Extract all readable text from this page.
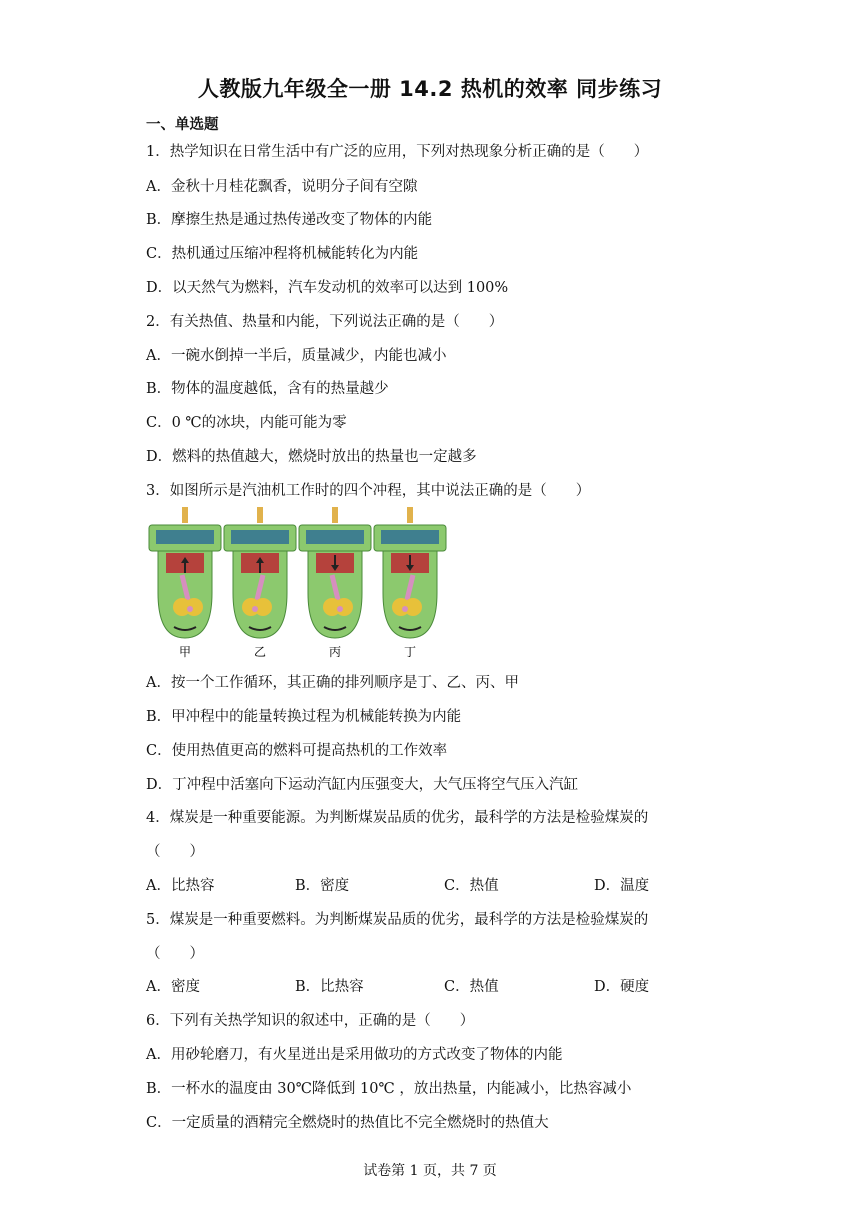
人教版九年级全一册 14.2 热机的效率 同步练习
一、单选题
1．热学知识在日常生活中有广泛的应用，下列对热现象分析正确的是（　　）
A．金秋十月桂花飘香，说明分子间有空隙
B．摩擦生热是通过热传递改变了物体的内能
C．热机通过压缩冲程将机械能转化为内能
D．以天然气为燃料，汽车发动机的效率可以达到 100%
2．有关热值、热量和内能，下列说法正确的是（　　）
A．一碗水倒掉一半后，质量减少，内能也减小
B．物体的温度越低，含有的热量越少
C．0 ℃的冰块，内能可能为零
D．燃料的热值越大，燃烧时放出的热量也一定越多
3．如图所示是汽油机工作时的四个冲程，其中说法正确的是（　　）
甲	乙	丙	丁
A．按一个工作循环，其正确的排列顺序是丁、乙、丙、甲
B．甲冲程中的能量转换过程为机械能转换为内能
C．使用热值更高的燃料可提高热机的工作效率
D．丁冲程中活塞向下运动汽缸内压强变大，大气压将空气压入汽缸
4．煤炭是一种重要能源。为判断煤炭品质的优劣，最科学的方法是检验煤炭的
（　　）
A．比热容	B．密度	C．热值	D．温度
5．煤炭是一种重要燃料。为判断煤炭品质的优劣，最科学的方法是检验煤炭的
（　　）
A．密度	B．比热容	C．热值	D．硬度
6．下列有关热学知识的叙述中，正确的是（　　）
A．用砂轮磨刀，有火星迸出是采用做功的方式改变了物体的内能
B．一杯水的温度由 30℃降低到 10℃ ，放出热量，内能减小，比热容减小
C．一定质量的酒精完全燃烧时的热值比不完全燃烧时的热值大
试卷第 1 页，共 7 页
